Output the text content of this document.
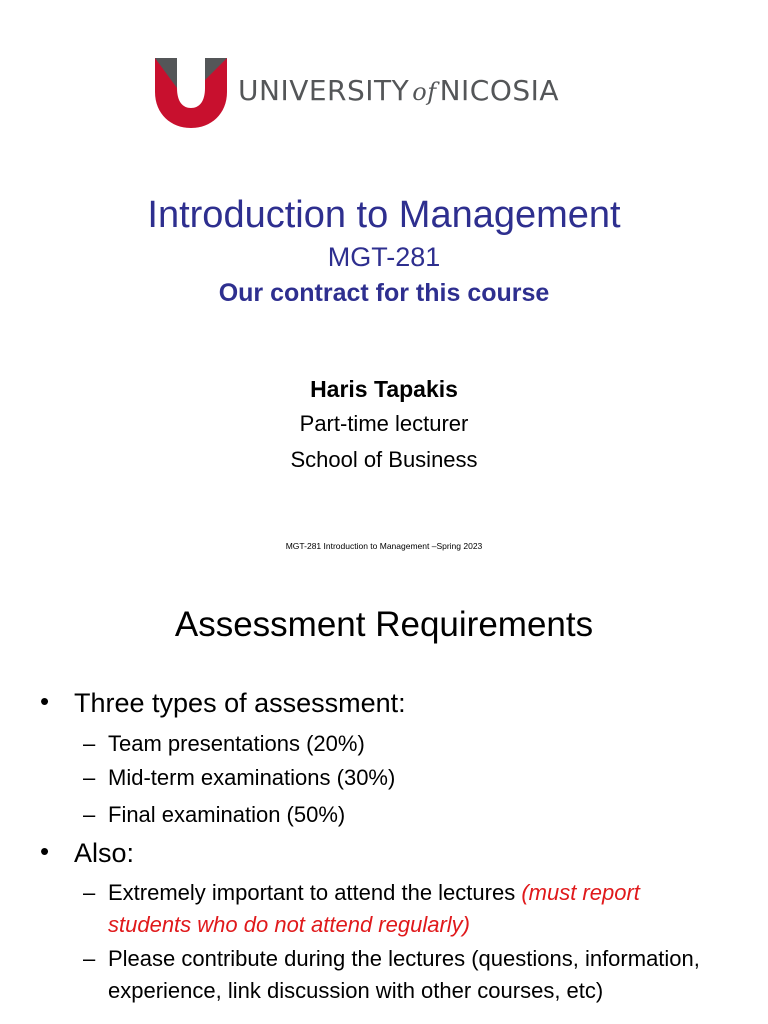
UNIVERSITY of NICOSIA
Introduction to Management
MGT-281
Our contract for this course
Haris Tapakis
Part-time lecturer
School of Business
MGT-281 Introduction to Management –Spring 2023
Assessment Requirements
• Three types of assessment:
– Team presentations (20%)
– Mid-term examinations (30%)
– Final examination (50%)
• Also:
– Extremely important to attend the lectures (must report students who do not attend regularly)
– Please contribute during the lectures (questions, information, experience, link discussion with other courses, etc)
